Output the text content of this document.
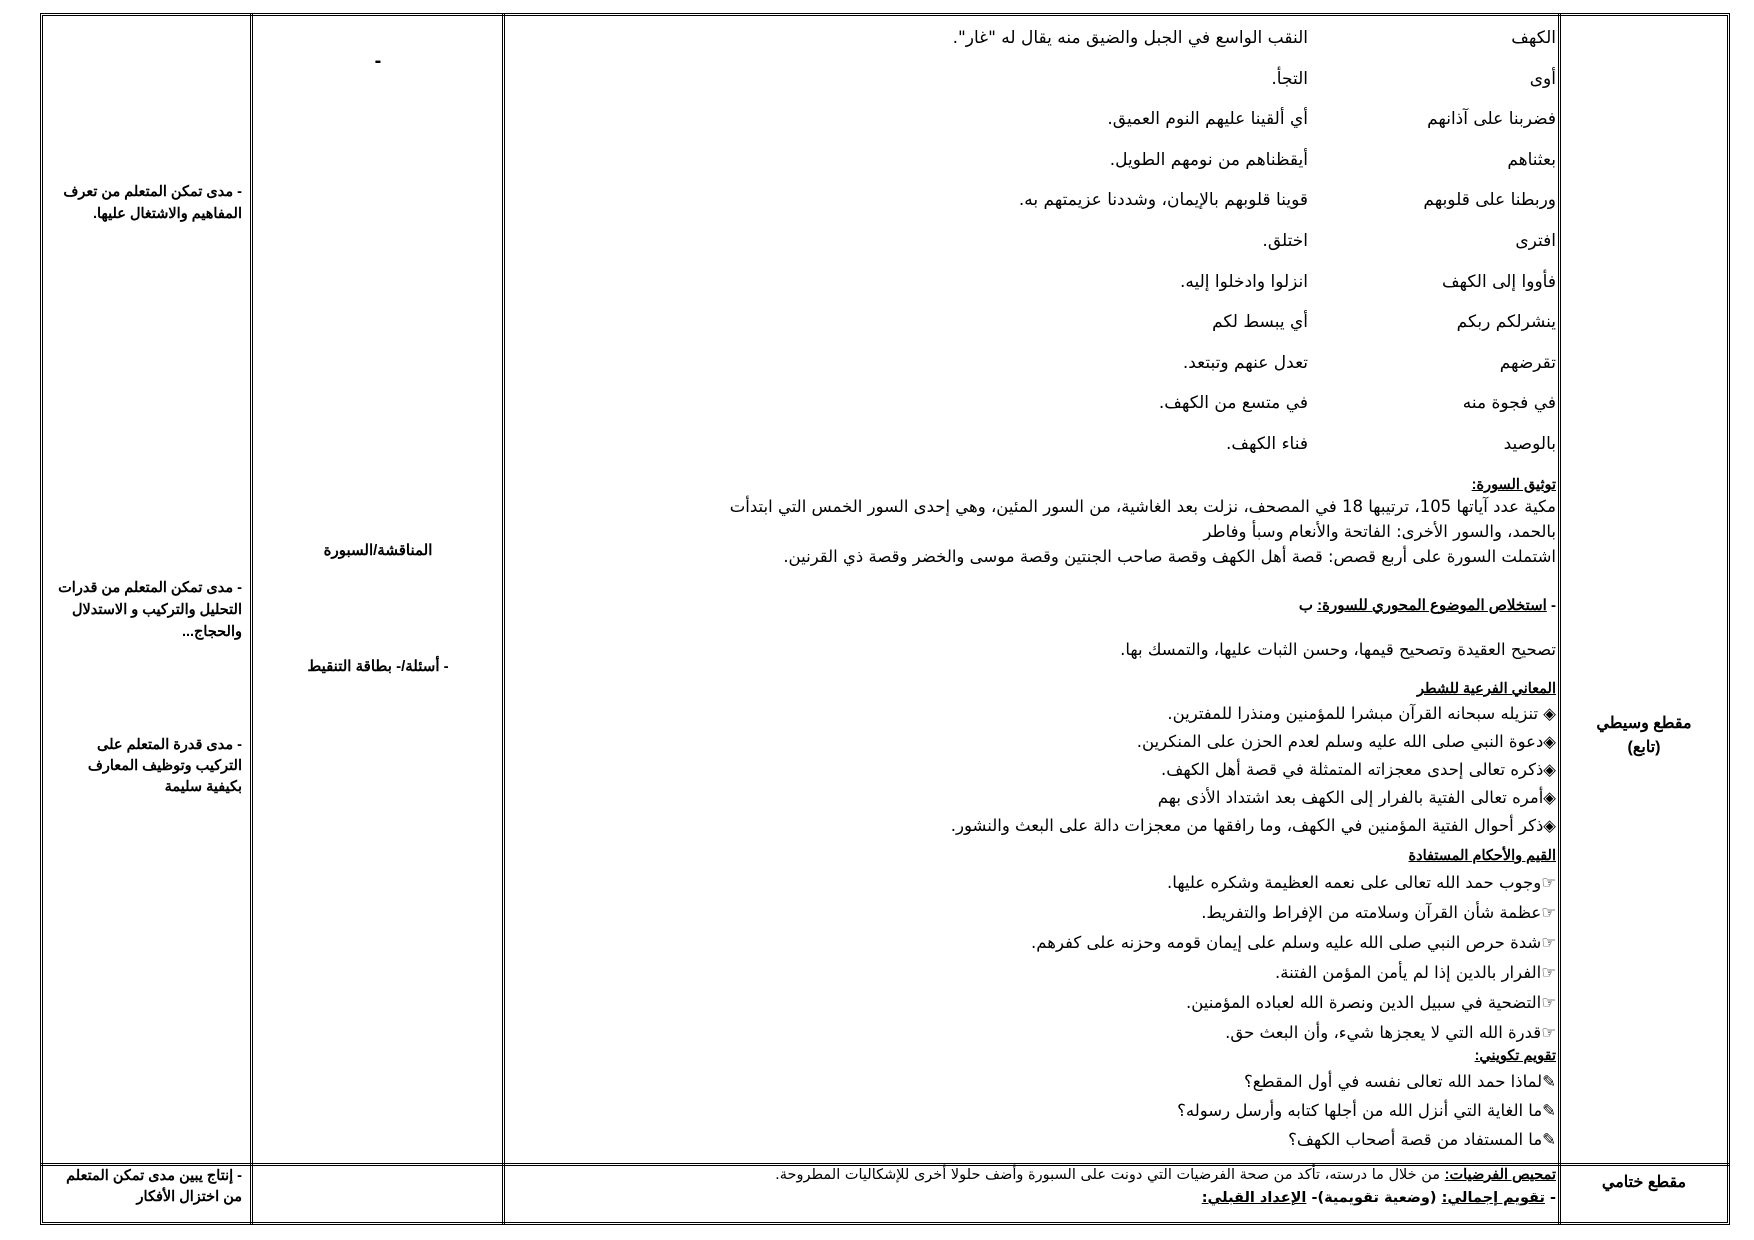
- مدى تمكن المتعلم من تعرف المفاهيم والاشتغال عليها.
- مدى تمكن المتعلم من قدرات التحليل والتركيب و الاستدلال والحجاج...
- مدى قدرة المتعلم على التركيب وتوظيف المعارف بكيفية سليمة
- إنتاج يبين مدى تمكن المتعلم من اختزال الأفكار
-
المناقشة/السبورة
- أسئلة/- بطاقة التنقيط
مقطع وسيطي
(تابع)
مقطع ختامي
الكهف
النقب الواسع في الجبل والضيق منه يقال له "غار".
أوى
التجأ.
فضربنا على آذانهم
أي ألقينا عليهم النوم العميق.
بعثناهم
أيقظناهم من نومهم الطويل.
وربطنا على قلوبهم
قوينا قلوبهم بالإيمان، وشددنا عزيمتهم به.
افترى
اختلق.
فأووا إلى الكهف
انزلوا وادخلوا إليه.
ينشرلكم ربكم
أي يبسط لكم
تقرضهم
تعدل عنهم وتبتعد.
في فجوة منه
في متسع من الكهف.
بالوصيد
فناء الكهف.
توثيق السورة:
مكية عدد آياتها 105، ترتيبها 18 في المصحف، نزلت بعد الغاشية، من السور المئين، وهي إحدى السور الخمس التي ابتدأت
بالحمد، والسور الأخرى: الفاتحة والأنعام وسبأ وفاطر
اشتملت السورة على أربع قصص: قصة أهل الكهف وقصة صاحب الجنتين وقصة موسى والخضر وقصة ذي القرنين.
- استخلاص الموضوع المحوري للسورة: ب
تصحيح العقيدة وتصحيح قيمها، وحسن الثبات عليها، والتمسك بها.
المعاني الفرعية للشطر
◈ تنزيله سبحانه القرآن مبشرا للمؤمنين ومنذرا للمفترين.
◈دعوة النبي صلى الله عليه وسلم لعدم الحزن على المنكرين.
◈ذكره تعالى إحدى معجزاته المتمثلة في قصة أهل الكهف.
◈أمره تعالى الفتية بالفرار إلى الكهف بعد اشتداد الأذى بهم
◈ذكر أحوال الفتية المؤمنين في الكهف، وما رافقها من معجزات دالة على البعث والنشور.
القيم والأحكام المستفادة
☞وجوب حمد الله تعالى على نعمه العظيمة وشكره عليها.
☞عظمة شأن القرآن وسلامته من الإفراط والتفريط.
☞شدة حرص النبي صلى الله عليه وسلم على إيمان قومه وحزنه على كفرهم.
☞الفرار بالدين إذا لم يأمن المؤمن الفتنة.
☞التضحية في سبيل الدين ونصرة الله لعباده المؤمنين.
☞قدرة الله التي لا يعجزها شيء، وأن البعث حق.
تقويم تكويني:
✎لماذا حمد الله تعالى نفسه في أول المقطع؟
✎ما الغاية التي أنزل الله من أجلها كتابه وأرسل رسوله؟
✎ما المستفاد من قصة أصحاب الكهف؟
تمحيص الفرضيات: من خلال ما درسته، تأكد من صحة الفرضيات التي دونت على السبورة وأضف حلولا أخرى للإشكاليات المطروحة.
- تقويم إجمالي: (وضعية تقويمية)- الإعداد القبلي:
